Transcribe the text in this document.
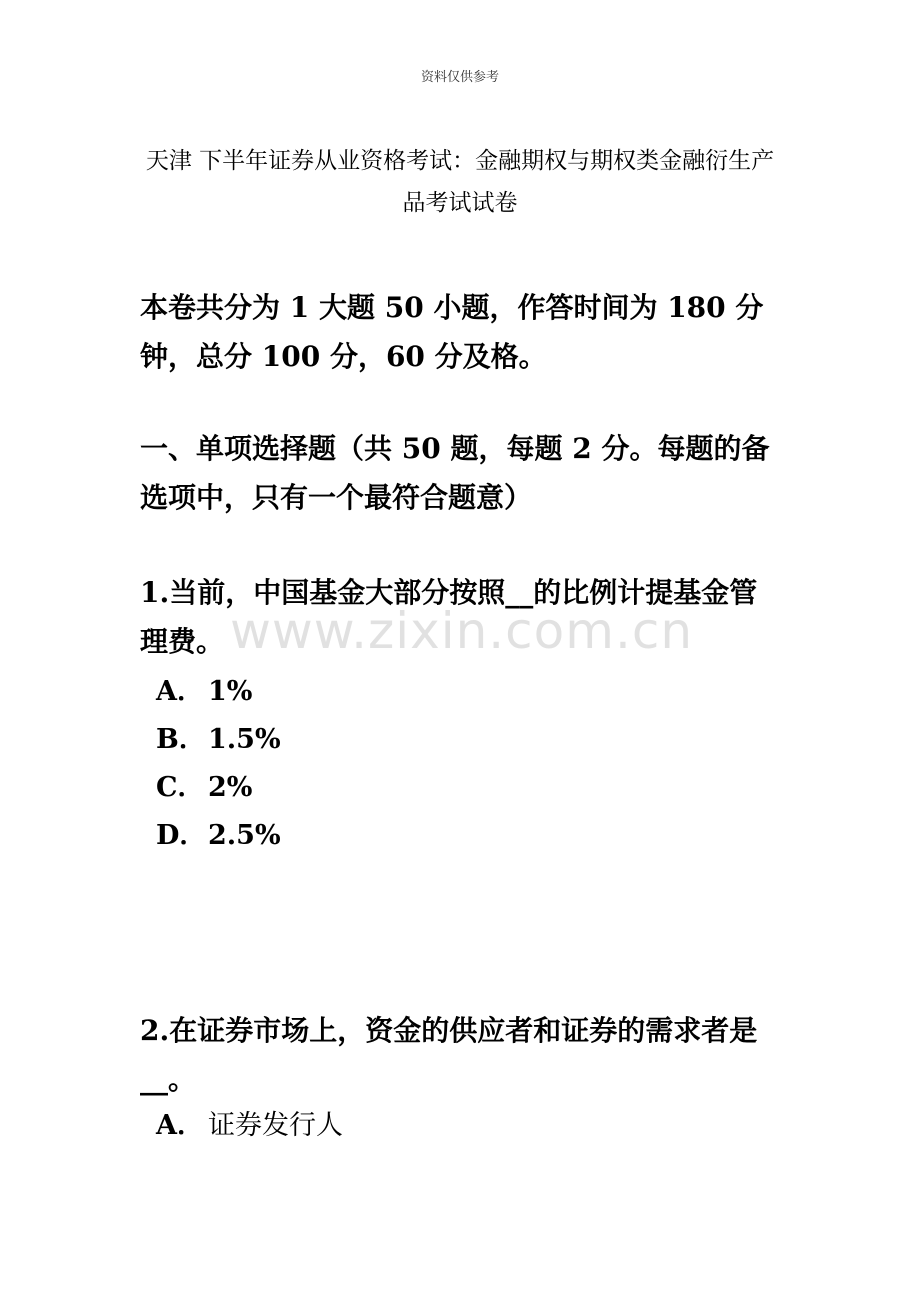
资料仅供参考
天津 下半年证券从业资格考试：金融期权与期权类金融衍生产品考试试卷
本卷共分为 1 大题 50 小题，作答时间为 180 分钟，总分 100 分，60 分及格。
一、单项选择题（共 50 题，每题 2 分。每题的备选项中，只有一个最符合题意）
www.zixin.com.cn
1.当前，中国基金大部分按照__的比例计提基金管理费。
A． 1%
B．1.5%
C． 2%
D．2.5%
2.在证券市场上，资金的供应者和证券的需求者是__。
A． 证券发行人
